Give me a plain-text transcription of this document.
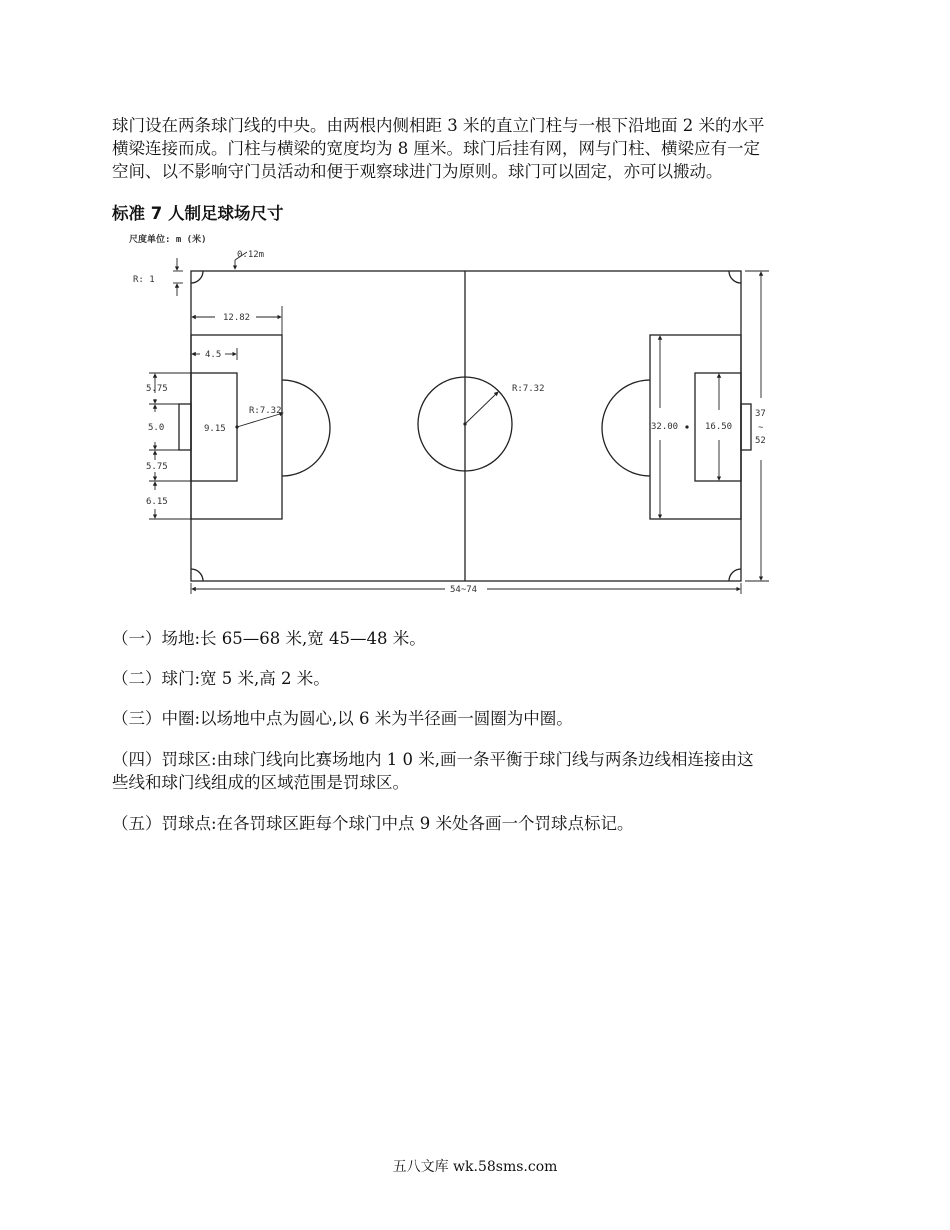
球门设在两条球门线的中央。由两根内侧相距 3 米的直立门柱与一根下沿地面 2 米的水平

横梁连接而成。门柱与横梁的宽度均为 8 厘米。球门后挂有网，网与门柱、横梁应有一定

空间、以不影响守门员活动和便于观察球进门为原则。球门可以固定，亦可以搬动。

标准 7 人制足球场尺寸

尺度单位: m (米)
0.12m
R: 1
12.82
4.5
5.75
5.0
5.75
6.15
9.15
R:7.32
R:7.32
32.00	16.50
37
~
52
54~74

（一）场地:长 65—68 米,宽 45—48 米。

（二）球门:宽 5 米,高 2 米。

（三）中圈:以场地中点为圆心,以 6 米为半径画一圆圈为中圈。

（四）罚球区:由球门线向比赛场地内 1 0 米,画一条平衡于球门线与两条边线相连接由这

些线和球门线组成的区域范围是罚球区。

（五）罚球点:在各罚球区距每个球门中点 9 米处各画一个罚球点标记。

五八文库 wk.58sms.com
